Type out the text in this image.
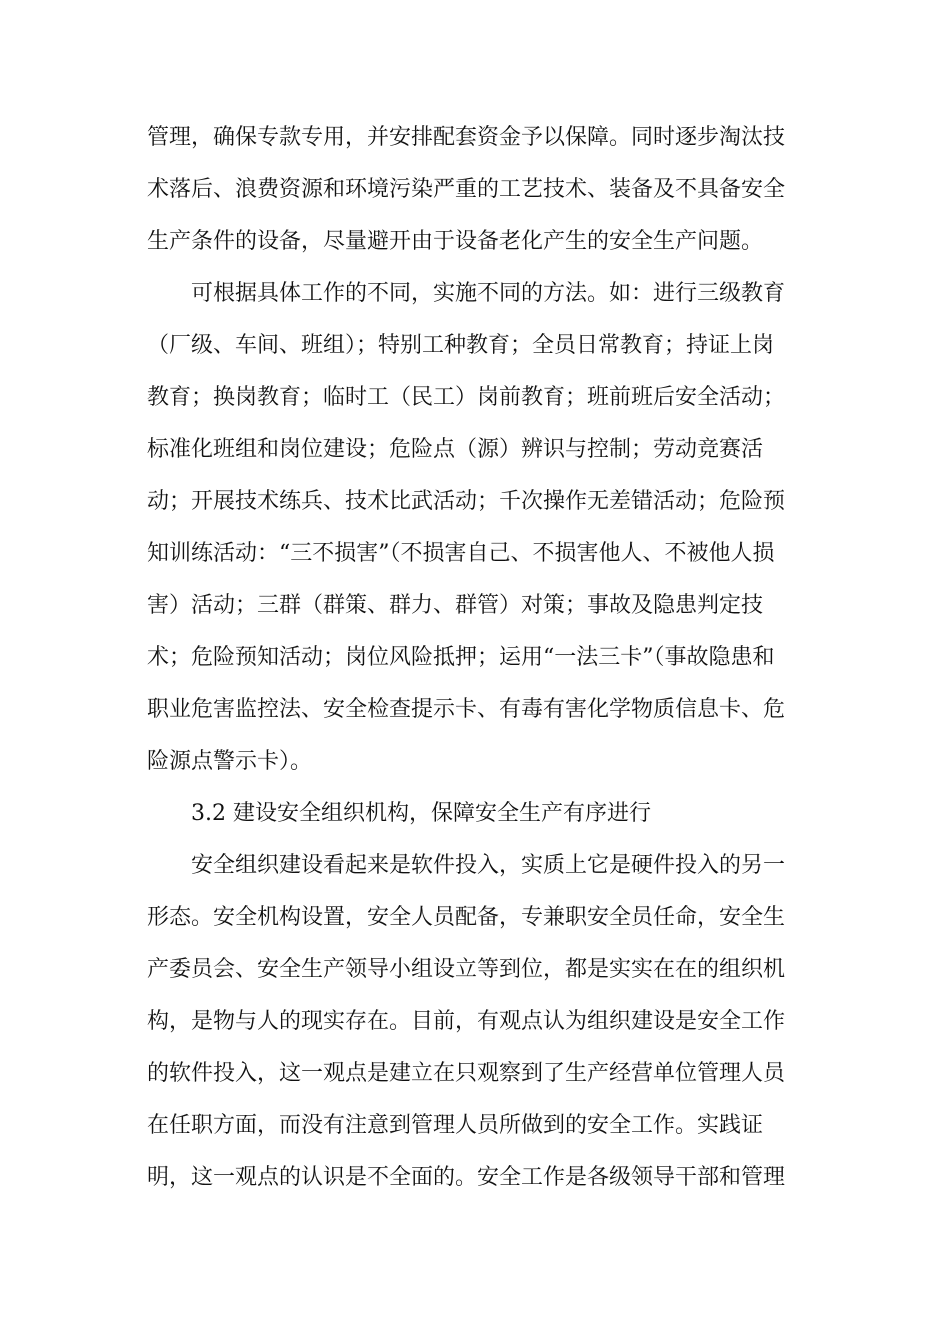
管理，确保专款专用，并安排配套资金予以保障。同时逐步淘汰技
术落后、浪费资源和环境污染严重的工艺技术、装备及不具备安全
生产条件的设备，尽量避开由于设备老化产生的安全生产问题。
可根据具体工作的不同，实施不同的方法。如：进行三级教育
（厂级、车间、班组）；特别工种教育；全员日常教育；持证上岗
教育；换岗教育；临时工（民工）岗前教育；班前班后安全活动；
标准化班组和岗位建设；危险点（源）辨识与控制；劳动竞赛活
动；开展技术练兵、技术比武活动；千次操作无差错活动；危险预
知训练活动：“三不损害”（不损害自己、不损害他人、不被他人损
害）活动；三群（群策、群力、群管）对策；事故及隐患判定技
术；危险预知活动；岗位风险抵押；运用“一法三卡”（事故隐患和
职业危害监控法、安全检查提示卡、有毒有害化学物质信息卡、危
险源点警示卡）。
3.2 建设安全组织机构，保障安全生产有序进行
安全组织建设看起来是软件投入，实质上它是硬件投入的另一
形态。安全机构设置，安全人员配备，专兼职安全员任命，安全生
产委员会、安全生产领导小组设立等到位，都是实实在在的组织机
构，是物与人的现实存在。目前，有观点认为组织建设是安全工作
的软件投入，这一观点是建立在只观察到了生产经营单位管理人员
在任职方面，而没有注意到管理人员所做到的安全工作。实践证
明，这一观点的认识是不全面的。安全工作是各级领导干部和管理
